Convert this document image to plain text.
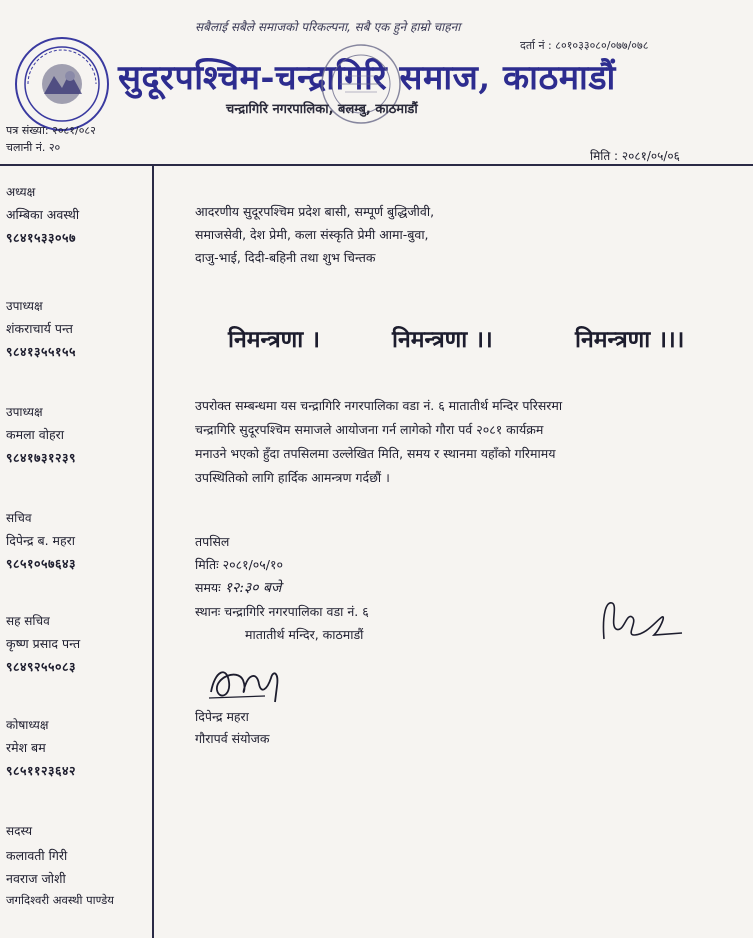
सबैलाई सबैले समाजको परिकल्पना, सबै एक हुने हाम्रो चाहना
दर्ता नं : ८०१०३३०८०/०७७/०७८
सुदूरपश्चिम-चन्द्रागिरि समाज, काठमाडौं
चन्द्रागिरि नगरपालिका, बलम्बु, काठमाडौं
पत्र संख्या: २०८१/०८२
चलानी नं. २०
मिति : २०८१/०५/०६
अध्यक्ष
अम्बिका अवस्थी
९८४१५३३०५७
उपाध्यक्ष
शंकराचार्य पन्त
९८४१३५५१५५
उपाध्यक्ष
कमला वोहरा
९८४१७३१२३९
सचिव
दिपेन्द्र ब. महरा
९८५१०५७६४३
सह सचिव
कृष्ण प्रसाद पन्त
९८४९२५५०८३
कोषाध्यक्ष
रमेश बम
९८५११२३६४२
सदस्य
कलावती गिरी
नवराज जोशी
जगदिश्वरी अवस्थी पाण्डेय
आदरणीय सुदूरपश्चिम प्रदेश बासी, सम्पूर्ण बुद्धिजीवी,
समाजसेवी, देश प्रेमी, कला संस्कृति प्रेमी आमा-बुवा,
दाजु-भाई, दिदी-बहिनी तथा शुभ चिन्तक
निमन्त्रणा ।	निमन्त्रणा ।।	निमन्त्रणा ।।।
उपरोक्त सम्बन्धमा यस चन्द्रागिरि नगरपालिका वडा नं. ६ मातातीर्थ मन्दिर परिसरमा
चन्द्रागिरि सुदूरपश्चिम समाजले आयोजना गर्न लागेको गौरा पर्व २०८१ कार्यक्रम
मनाउने भएको हुँदा तपसिलमा उल्लेखित मिति, समय र स्थानमा यहाँको गरिमामय
उपस्थितिको लागि हार्दिक आमन्त्रण गर्दछौं ।
तपसिल
मितिः २०८१/०५/१०
समयः १२:३० बजे
स्थानः चन्द्रागिरि नगरपालिका वडा नं. ६
मातातीर्थ मन्दिर, काठमाडौं
दिपेन्द्र महरा
गौरापर्व संयोजक
